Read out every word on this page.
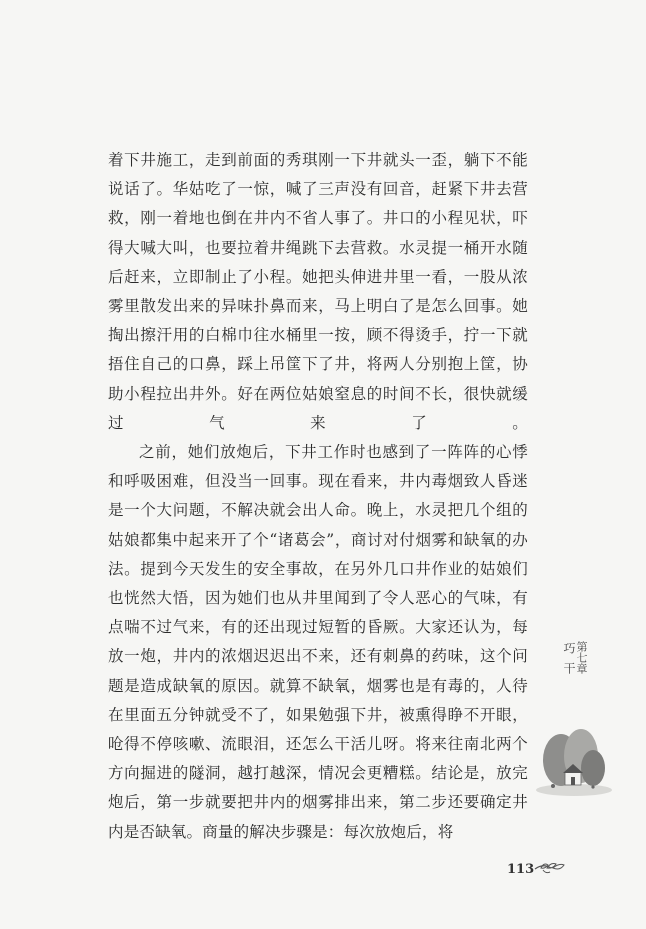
着下井施工，走到前面的秀琪刚一下井就头一歪，躺下不能说话了。华姑吃了一惊，喊了三声没有回音，赶紧下井去营救，刚一着地也倒在井内不省人事了。井口的小程见状，吓得大喊大叫，也要拉着井绳跳下去营救。水灵提一桶开水随后赶来，立即制止了小程。她把头伸进井里一看，一股从浓雾里散发出来的异味扑鼻而来，马上明白了是怎么回事。她掏出擦汗用的白棉巾往水桶里一按，顾不得烫手，拧一下就捂住自己的口鼻，踩上吊筐下了井，将两人分别抱上筐，协助小程拉出井外。好在两位姑娘窒息的时间不长，很快就缓过气来了。

之前，她们放炮后，下井工作时也感到了一阵阵的心悸和呼吸困难，但没当一回事。现在看来，井内毒烟致人昏迷是一个大问题，不解决就会出人命。晚上，水灵把几个组的姑娘都集中起来开了个“诸葛会”，商讨对付烟雾和缺氧的办法。提到今天发生的安全事故，在另外几口井作业的姑娘们也恍然大悟，因为她们也从井里闻到了令人恶心的气味，有点喘不过气来，有的还出现过短暂的昏厥。大家还认为，每放一炮，井内的浓烟迟迟出不来，还有刺鼻的药味，这个问题是造成缺氧的原因。就算不缺氧，烟雾也是有毒的，人待在里面五分钟就受不了，如果勉强下井，被熏得睁不开眼，呛得不停咳嗽、流眼泪，还怎么干活儿呀。将来往南北两个方向掘进的隧洞，越打越深，情况会更糟糕。结论是，放完炮后，第一步就要把井内的烟雾排出来，第二步还要确定井内是否缺氧。商量的解决步骤是：每次放炮后，将

第七章
巧干
113
